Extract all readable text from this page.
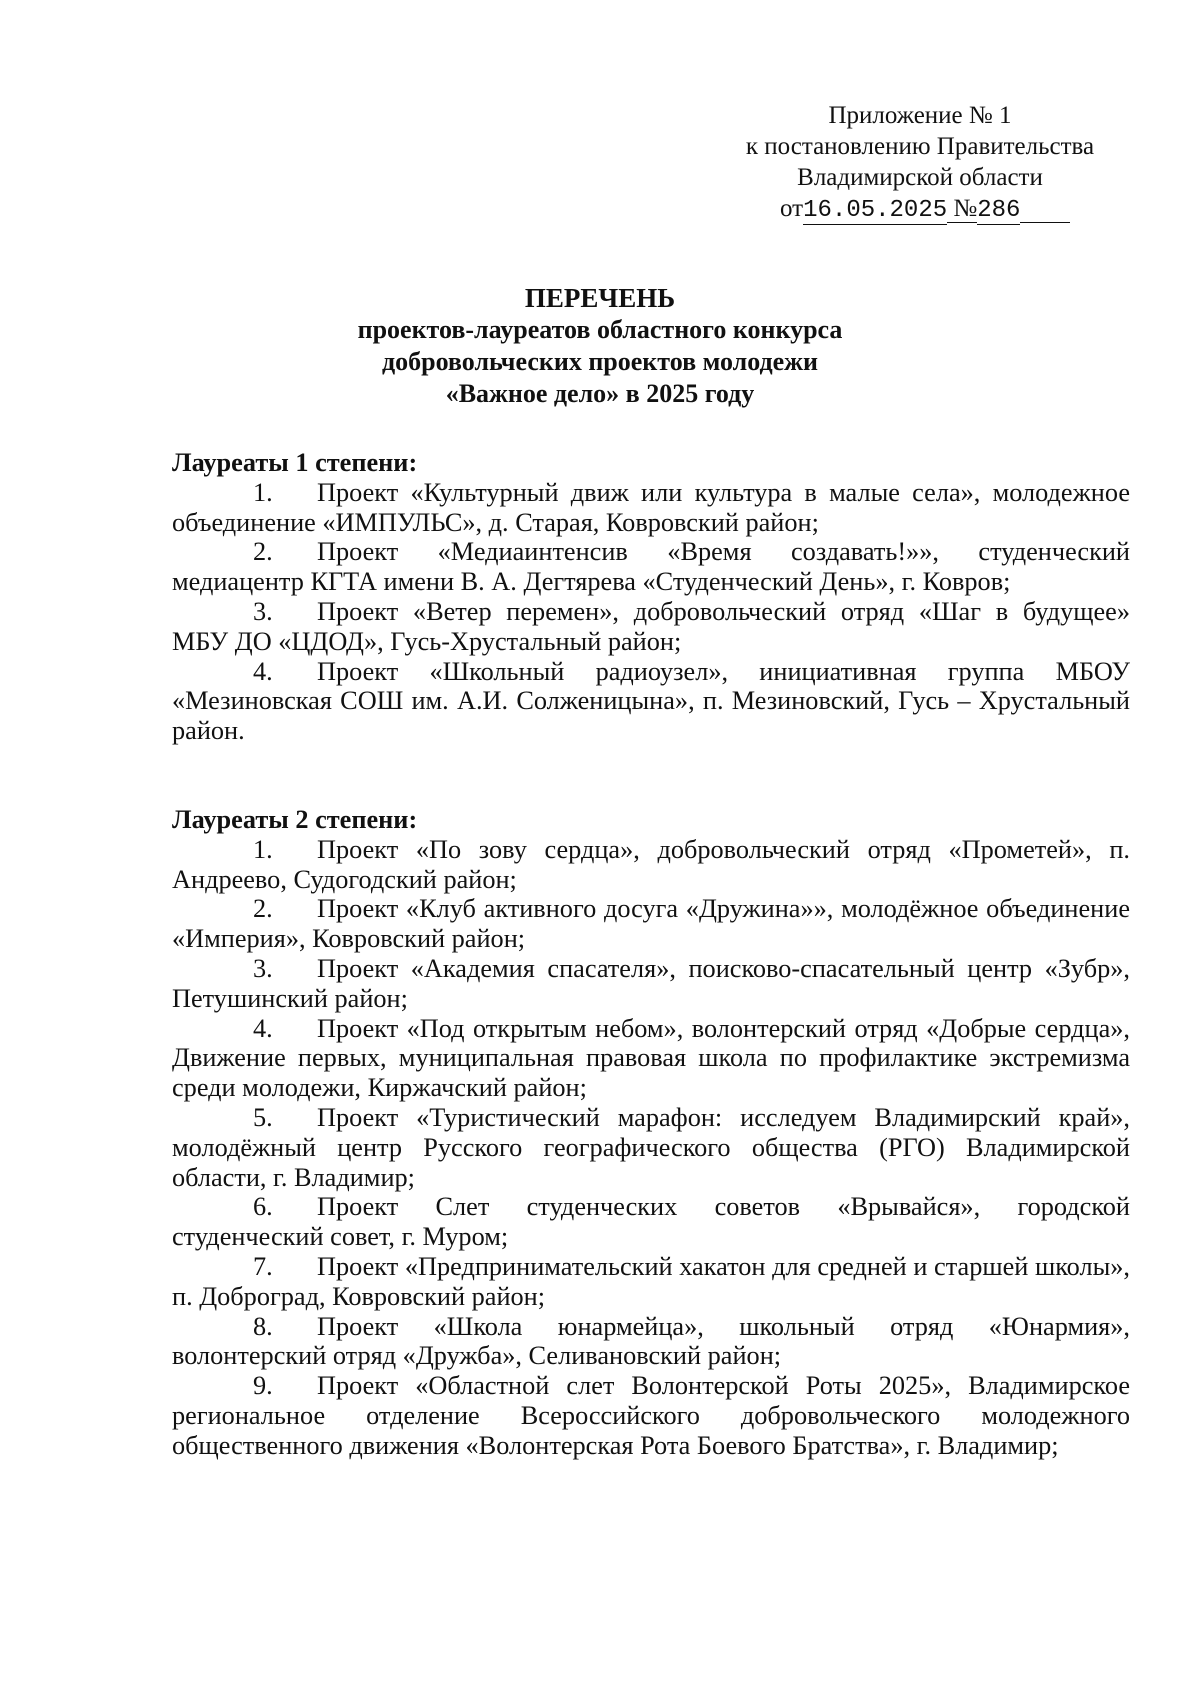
Приложение № 1
к постановлению Правительства
Владимирской области
от16.05.2025 №286
ПЕРЕЧЕНЬ
проектов-лауреатов областного конкурса
добровольческих проектов молодежи
«Важное дело» в 2025 году

Лауреаты 1 степени:

1. Проект «Культурный движ или культура в малые села», молодежное объединение «ИМПУЛЬС», д. Старая, Ковровский район;

2. Проект «Медиаинтенсив «Время создавать!»», студенческий медиацентр КГТА имени В. А. Дегтярева «Студенческий День», г. Ковров;

3. Проект «Ветер перемен», добровольческий отряд «Шаг в будущее» МБУ ДО «ЦДОД», Гусь-Хрустальный район;

4. Проект «Школьный радиоузел», инициативная группа МБОУ «Мезиновская СОШ им. А.И. Солженицына», п. Мезиновский, Гусь – Хрустальный район.

Лауреаты 2 степени:

1. Проект «По зову сердца», добровольческий отряд «Прометей», п. Андреево, Судогодский район;

2. Проект «Клуб активного досуга «Дружина»», молодёжное объединение «Империя», Ковровский район;

3. Проект «Академия спасателя», поисково-спасательный центр «Зубр», Петушинский район;

4. Проект «Под открытым небом», волонтерский отряд «Добрые сердца», Движение первых, муниципальная правовая школа по профилактике экстремизма среди молодежи, Киржачский район;

5. Проект «Туристический марафон: исследуем Владимирский край», молодёжный центр Русского географического общества (РГО) Владимирской области, г. Владимир;

6. Проект Слет студенческих советов «Врывайся», городской студенческий совет, г. Муром;

7. Проект «Предпринимательский хакатон для средней и старшей школы», п. Доброград, Ковровский район;

8. Проект «Школа юнармейца», школьный отряд «Юнармия», волонтерский отряд «Дружба», Селивановский район;

9. Проект «Областной слет Волонтерской Роты 2025», Владимирское региональное отделение Всероссийского добровольческого молодежного общественного движения «Волонтерская Рота Боевого Братства», г. Владимир;
